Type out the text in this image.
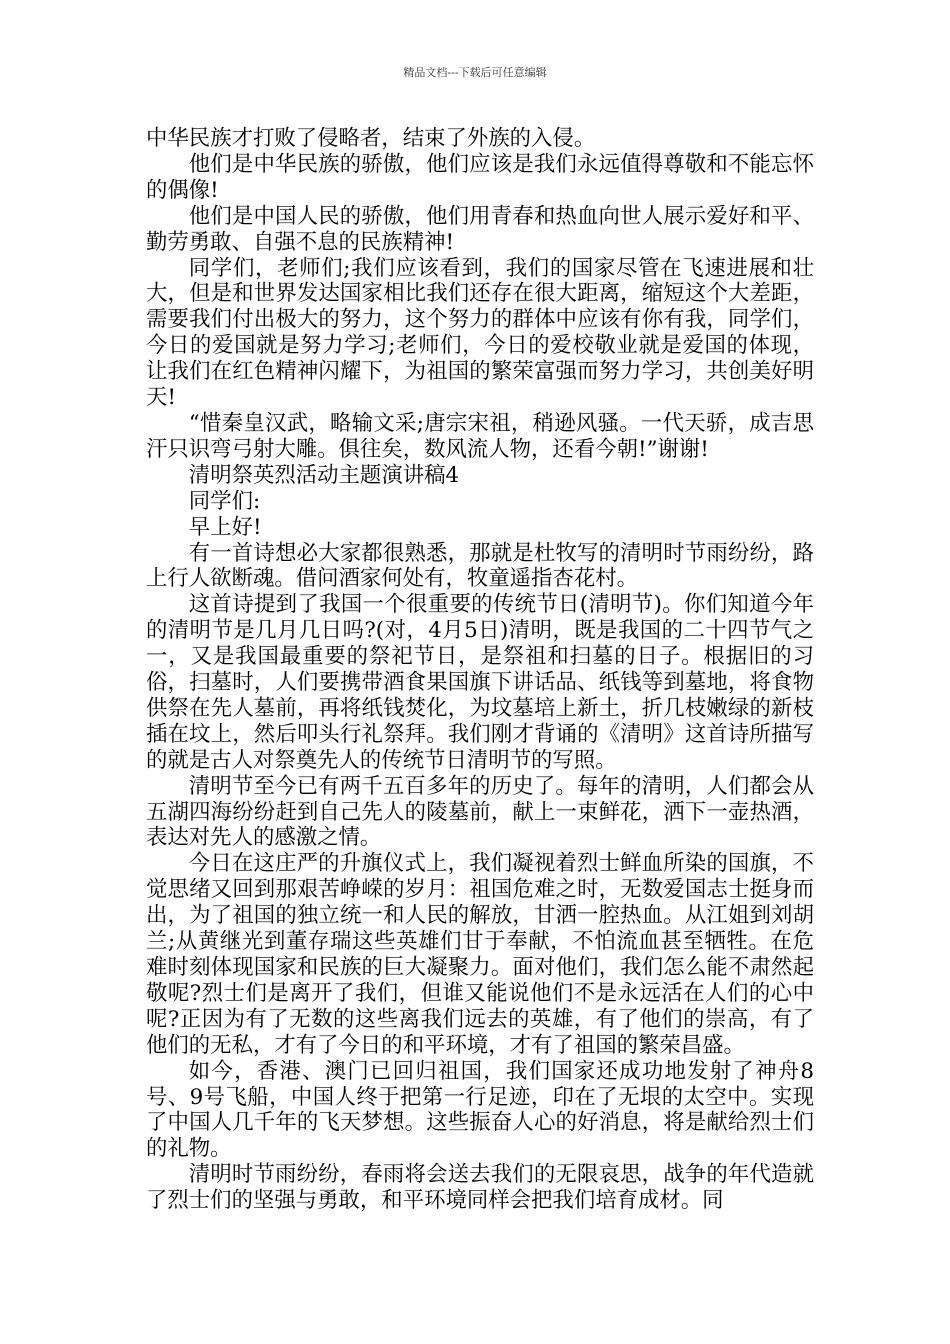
精品文档---下载后可任意编辑

中华民族才打败了侵略者，结束了外族的入侵。

他们是中华民族的骄傲，他们应该是我们永远值得尊敬和不能忘怀的偶像!

他们是中国人民的骄傲，他们用青春和热血向世人展示爱好和平、勤劳勇敢、自强不息的民族精神!

同学们，老师们;我们应该看到，我们的国家尽管在飞速进展和壮大，但是和世界发达国家相比我们还存在很大距离，缩短这个大差距，需要我们付出极大的努力，这个努力的群体中应该有你有我，同学们，今日的爱国就是努力学习;老师们，今日的爱校敬业就是爱国的体现，让我们在红色精神闪耀下，为祖国的繁荣富强而努力学习，共创美好明天!

“惜秦皇汉武，略输文采;唐宗宋祖，稍逊风骚。一代天骄，成吉思汗只识弯弓射大雕。俱往矣，数风流人物，还看今朝!”谢谢!

清明祭英烈活动主题演讲稿4

同学们:

早上好!

有一首诗想必大家都很熟悉，那就是杜牧写的清明时节雨纷纷，路上行人欲断魂。借问酒家何处有，牧童遥指杏花村。

这首诗提到了我国一个很重要的传统节日(清明节)。你们知道今年的清明节是几月几日吗?(对，4月5日)清明，既是我国的二十四节气之一，又是我国最重要的祭祀节日，是祭祖和扫墓的日子。根据旧的习俗，扫墓时，人们要携带酒食果国旗下讲话品、纸钱等到墓地，将食物供祭在先人墓前，再将纸钱焚化，为坟墓培上新土，折几枝嫩绿的新枝插在坟上，然后叩头行礼祭拜。我们刚才背诵的《清明》这首诗所描写的就是古人对祭奠先人的传统节日清明节的写照。

清明节至今已有两千五百多年的历史了。每年的清明，人们都会从五湖四海纷纷赶到自己先人的陵墓前，献上一束鲜花，洒下一壶热酒，表达对先人的感激之情。

今日在这庄严的升旗仪式上，我们凝视着烈士鲜血所染的国旗，不觉思绪又回到那艰苦峥嵘的岁月：祖国危难之时，无数爱国志士挺身而出，为了祖国的独立统一和人民的解放，甘洒一腔热血。从江姐到刘胡兰;从黄继光到董存瑞这些英雄们甘于奉献，不怕流血甚至牺牲。在危难时刻体现国家和民族的巨大凝聚力。面对他们，我们怎么能不肃然起敬呢?烈士们是离开了我们，但谁又能说他们不是永远活在人们的心中呢?正因为有了无数的这些离我们远去的英雄，有了他们的崇高，有了他们的无私，才有了今日的和平环境，才有了祖国的繁荣昌盛。

如今，香港、澳门已回归祖国，我们国家还成功地发射了神舟8号、9号飞船，中国人终于把第一行足迹，印在了无垠的太空中。实现了中国人几千年的飞天梦想。这些振奋人心的好消息，将是献给烈士们的礼物。

清明时节雨纷纷，春雨将会送去我们的无限哀思，战争的年代造就了烈士们的坚强与勇敢，和平环境同样会把我们培育成材。同
